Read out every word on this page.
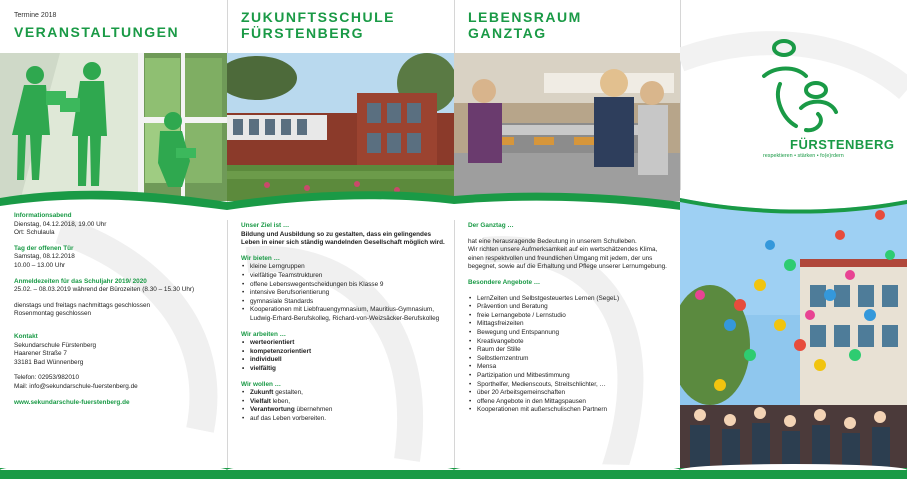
Termine 2018
VERANSTALTUNGEN
Informationsabend
Dienstag, 04.12.2018, 19.00 Uhr
Ort: Schulaula
Tag der offenen Tür
Samstag, 08.12.2018
10.00 – 13.00 Uhr
Anmeldezeiten für das Schuljahr 2019/ 2020
25.02. – 08.03.2019 während der Bürozeiten (8.30 – 15.30 Uhr)
dienstags und freitags nachmittags geschlossen
Rosenmontag geschlossen
Kontakt
Sekundarschule Fürstenberg
Haarener Straße 7
33181 Bad Wünnenberg
Telefon: 02953/982010
Mail: info@sekundarschule-fuerstenberg.de
www.sekundarschule-fuerstenberg.de
ZUKUNFTSSCHULE
FÜRSTENBERG
Unser Ziel ist …
Bildung und Ausbildung so zu gestalten, dass ein gelingendes Leben in einer sich ständig wandelnden Gesellschaft möglich wird.
Wir bieten …
• kleine Lerngruppen
• vielfältige Teamstrukturen
• offene Lebenswegentscheidungen bis Klasse 9
• intensive Berufsorientierung
• gymnasiale Standards
• Kooperationen mit Liebfrauengymnasium, Mauritius-Gymnasium, Ludwig-Erhard-Berufskolleg, Richard-von-Weizsäcker-Berufskolleg
Wir arbeiten …
• werteorientiert
• kompetenzorientiert
• individuell
• vielfältig
Wir wollen …
• Zukunft gestalten,
• Vielfalt leben,
• Verantwortung übernehmen
• auf das Leben vorbereiten.
LEBENSRAUM
GANZTAG
Der Ganztag …
hat eine herausragende Bedeutung in unserem Schulleben.
Wir richten unsere Aufmerksamkeit auf ein wertschätzendes Klima, einen respektvollen und freundlichen Umgang mit jedem, der uns begegnet, sowie auf die Erhaltung und Pflege unserer Lernumgebung.
Besondere Angebote …
• LernZeiten und Selbstgesteuertes Lernen (SegeL)
• Prävention und Beratung
• freie Lernangebote / Lernstudio
• Mittagsfreizeiten
• Bewegung und Entspannung
• Kreativangebote
• Raum der Stille
• Selbstlernzentrum
• Mensa
• Partizipation und Mitbestimmung
• Sporthelfer, Medienscouts, Streitschlichter, …
• über 20 Arbeitsgemeinschaften
• offene Angebote in den Mittagspausen
• Kooperationen mit außerschulischen Partnern
FÜRSTENBERG
respektieren • stärken • fo(e)rdern
